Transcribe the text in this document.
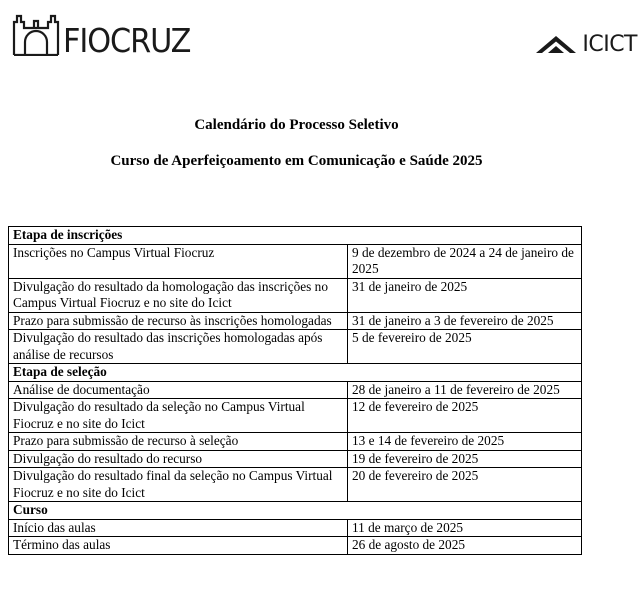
FIOCRUZ	ICICT
Calendário do Processo Seletivo
Curso de Aperfeiçoamento em Comunicação e Saúde 2025
Etapa de inscrições	
Inscrições no Campus Virtual Fiocruz	9 de dezembro de 2024 a 24 de janeiro de 2025
Divulgação do resultado da homologação das inscrições no Campus Virtual Fiocruz e no site do Icict	31 de janeiro de 2025
Prazo para submissão de recurso às inscrições homologadas	31 de janeiro a 3 de fevereiro de 2025
Divulgação do resultado das inscrições homologadas após análise de recursos	5 de fevereiro de 2025
Etapa de seleção	
Análise de documentação	28 de janeiro a 11 de fevereiro de 2025
Divulgação do resultado da seleção no Campus Virtual Fiocruz e no site do Icict	12 de fevereiro de 2025
Prazo para submissão de recurso à seleção	13 e 14 de fevereiro de 2025
Divulgação do resultado do recurso	19 de fevereiro de 2025
Divulgação do resultado final da seleção no Campus Virtual Fiocruz e no site do Icict	20 de fevereiro de 2025
Curso	
Início das aulas	11 de março de 2025
Término das aulas	26 de agosto de 2025
